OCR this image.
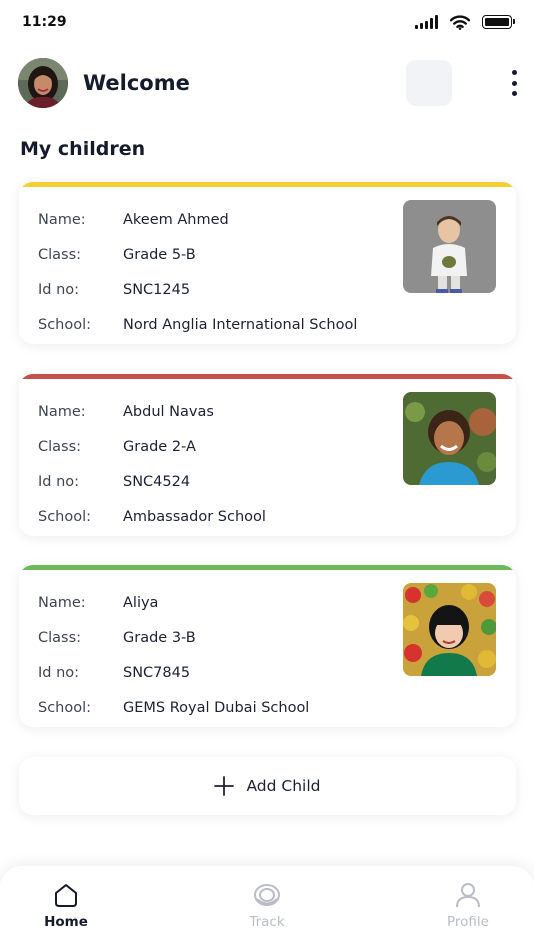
11:29
Welcome
My children
Name:	Akeem Ahmed
Class:	Grade 5-B
Id no:	SNC1245
School:	Nord Anglia International School
Name:	Abdul Navas
Class:	Grade 2-A
Id no:	SNC4524
School:	Ambassador School
Name:	Aliya
Class:	Grade 3-B
Id no:	SNC7845
School:	GEMS Royal Dubai School
Add Child
Home	Track	Profile
